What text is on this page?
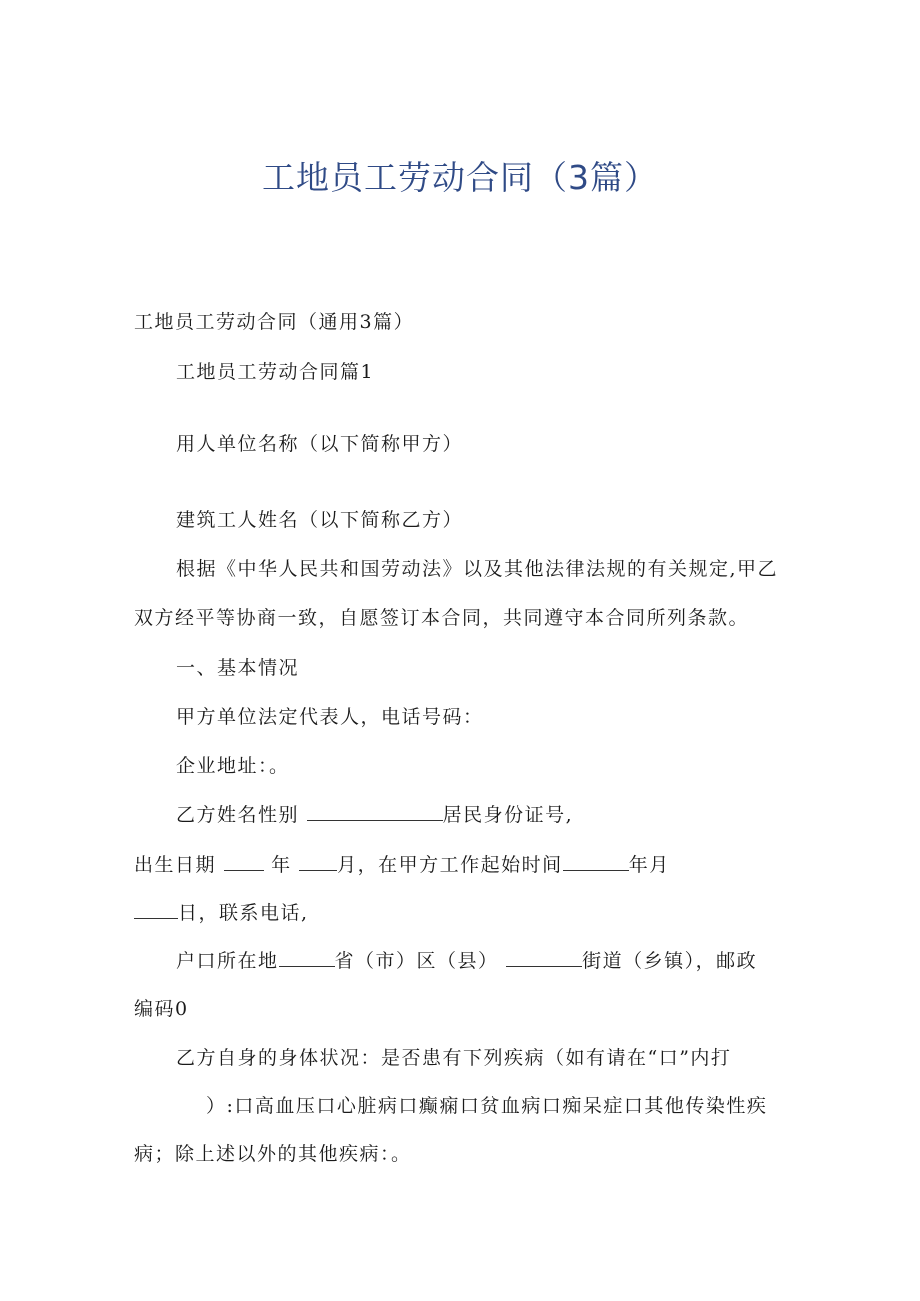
工地员工劳动合同（3篇）

工地员工劳动合同（通用3篇）

工地员工劳动合同篇1

用人单位名称（以下简称甲方）

建筑工人姓名（以下简称乙方）

根据《中华人民共和国劳动法》以及其他法律法规的有关规定,甲乙

双方经平等协商一致，自愿签订本合同，共同遵守本合同所列条款。

一、基本情况

甲方单位法定代表人，电话号码：

企业地址：。

乙方姓名性别	居民身份证号,

出生日期	年 月，在甲方工作起始时间	年月

日，联系电话,

户口所在地	省（市）区（县）	街道（乡镇），邮政

编码0

乙方自身的身体状况：是否患有下列疾病（如有请在“口”内打

）:口高血压口心脏病口癫痫口贫血病口痴呆症口其他传染性疾

病；除上述以外的其他疾病：。
